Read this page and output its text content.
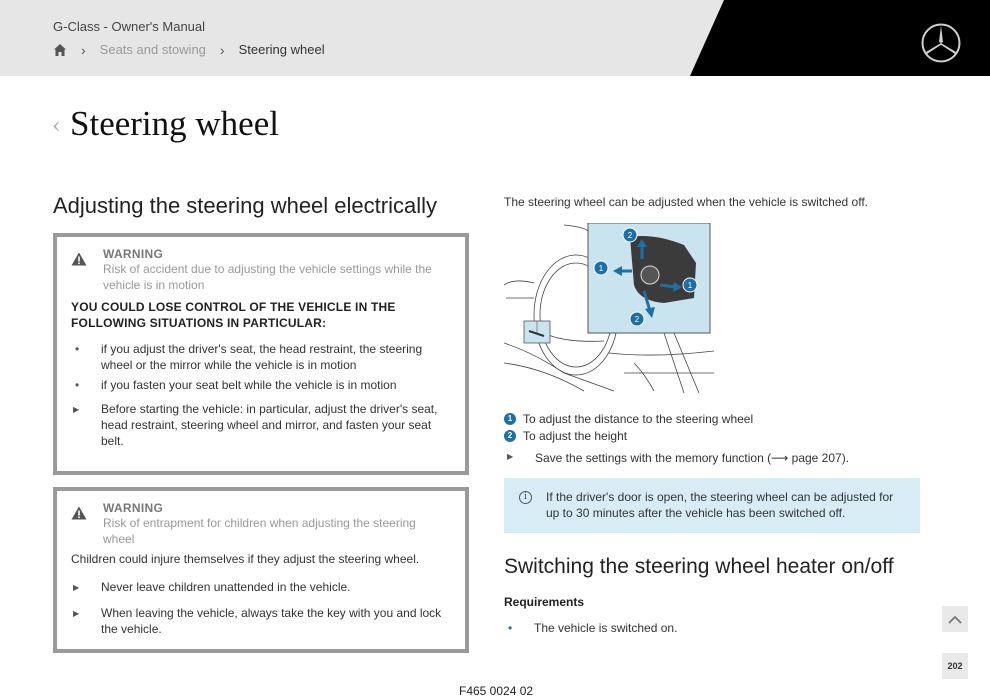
G-Class - Owner's Manual
› Seats and stowing › Steering wheel
‹ Steering wheel
Adjusting the steering wheel electrically
WARNING
Risk of accident due to adjusting the vehicle settings while the vehicle is in motion
YOU COULD LOSE CONTROL OF THE VEHICLE IN THE FOLLOWING SITUATIONS IN PARTICULAR:
• if you adjust the driver's seat, the head restraint, the steering wheel or the mirror while the vehicle is in motion
• if you fasten your seat belt while the vehicle is in motion
▶ Before starting the vehicle: in particular, adjust the driver's seat, head restraint, steering wheel and mirror, and fasten your seat belt.
WARNING
Risk of entrapment for children when adjusting the steering wheel
Children could injure themselves if they adjust the steering wheel.
▶ Never leave children unattended in the vehicle.
▶ When leaving the vehicle, always take the key with you and lock the vehicle.
The steering wheel can be adjusted when the vehicle is switched off.
2
1
1
2
1 To adjust the distance to the steering wheel
2 To adjust the height
▶ Save the settings with the memory function (⟶ page 207).
i	If the driver's door is open, the steering wheel can be adjusted for up to 30 minutes after the vehicle has been switched off.
Switching the steering wheel heater on/off
Requirements
• The vehicle is switched on.
202
F465 0024 02
